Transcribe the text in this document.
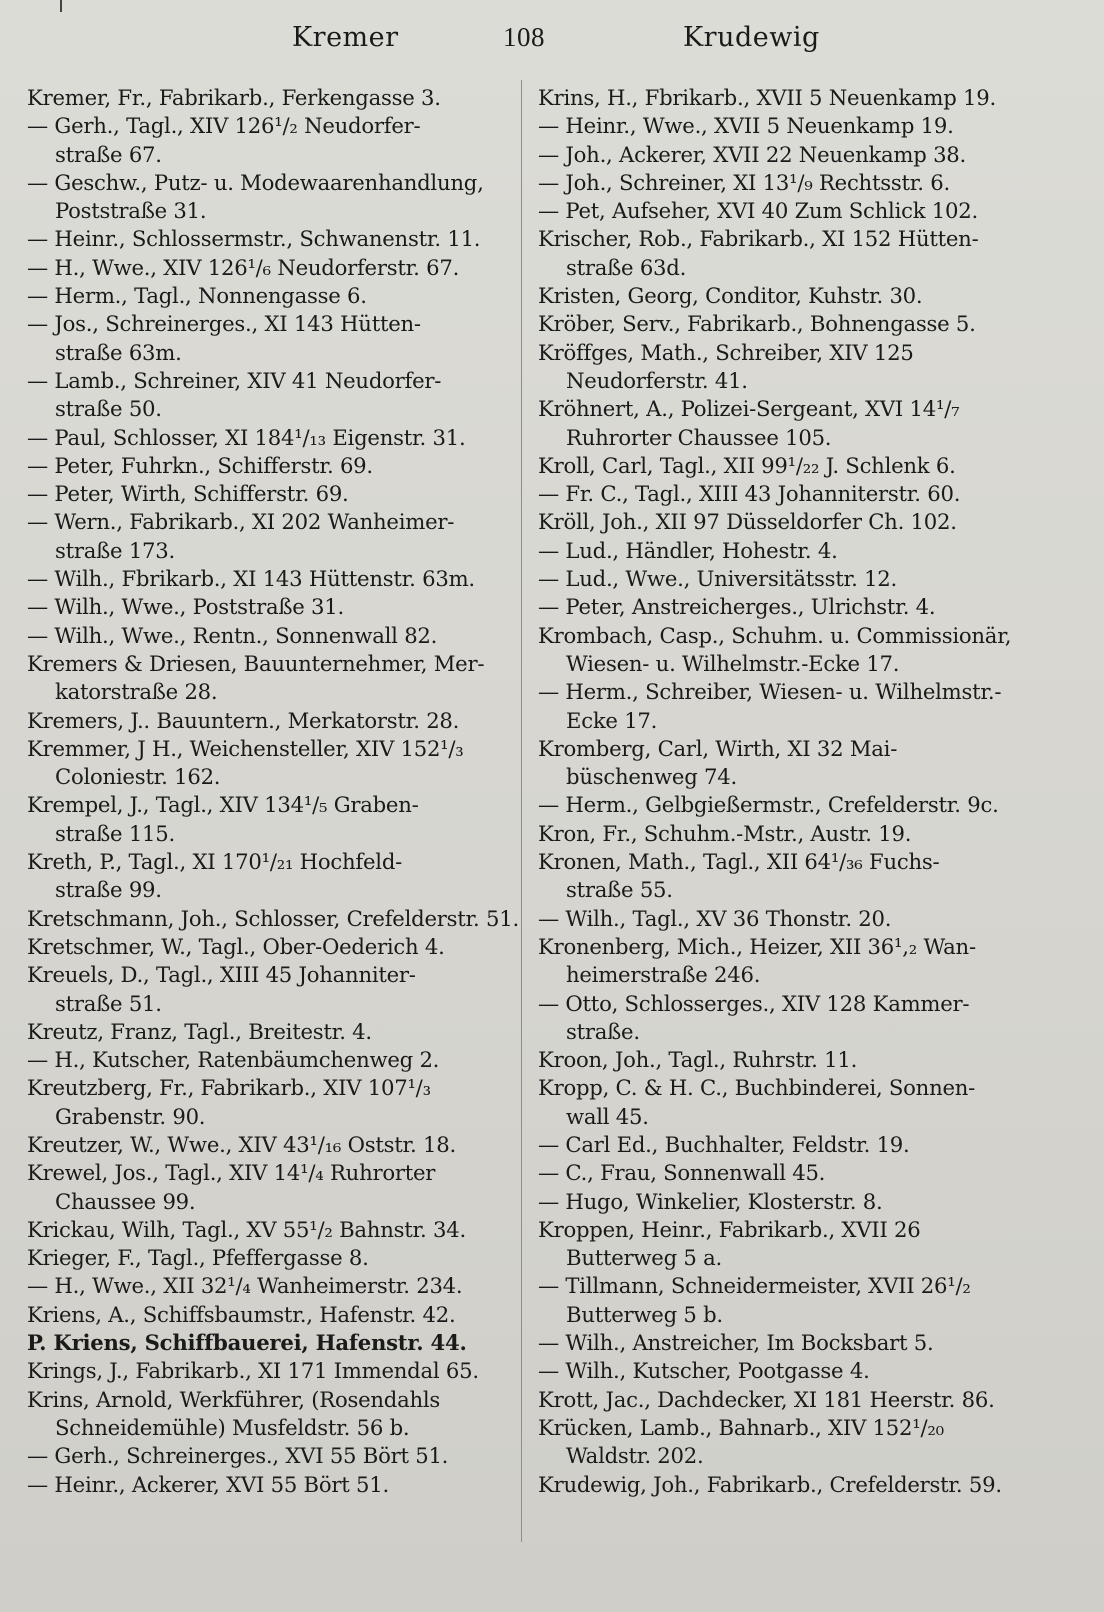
Kremer	108	Krudewig
Kremer, Fr., Fabrikarb., Ferkengasse 3.
— Gerh., Tagl., XIV 126¹/₂ Neudorfer-
straße 67.
— Geschw., Putz- u. Modewaarenhandlung,
Poststraße 31.
— Heinr., Schlossermstr., Schwanenstr. 11.
— H., Wwe., XIV 126¹/₆ Neudorferstr. 67.
— Herm., Tagl., Nonnengasse 6.
— Jos., Schreinerges., XI 143 Hütten-
straße 63m.
— Lamb., Schreiner, XIV 41 Neudorfer-
straße 50.
— Paul, Schlosser, XI 184¹/₁₃ Eigenstr. 31.
— Peter, Fuhrkn., Schifferstr. 69.
— Peter, Wirth, Schifferstr. 69.
— Wern., Fabrikarb., XI 202 Wanheimer-
straße 173.
— Wilh., Fbrikarb., XI 143 Hüttenstr. 63m.
— Wilh., Wwe., Poststraße 31.
— Wilh., Wwe., Rentn., Sonnenwall 82.
Kremers & Driesen, Bauunternehmer, Mer-
katorstraße 28.
Kremers, J.. Bauuntern., Merkatorstr. 28.
Kremmer, J H., Weichensteller, XIV 152¹/₃
Coloniestr. 162.
Krempel, J., Tagl., XIV 134¹/₅ Graben-
straße 115.
Kreth, P., Tagl., XI 170¹/₂₁ Hochfeld-
straße 99.
Kretschmann, Joh., Schlosser, Crefelderstr. 51.
Kretschmer, W., Tagl., Ober-Oederich 4.
Kreuels, D., Tagl., XIII 45 Johanniter-
straße 51.
Kreutz, Franz, Tagl., Breitestr. 4.
— H., Kutscher, Ratenbäumchenweg 2.
Kreutzberg, Fr., Fabrikarb., XIV 107¹/₃
Grabenstr. 90.
Kreutzer, W., Wwe., XIV 43¹/₁₆ Oststr. 18.
Krewel, Jos., Tagl., XIV 14¹/₄ Ruhrorter
Chaussee 99.
Krickau, Wilh, Tagl., XV 55¹/₂ Bahnstr. 34.
Krieger, F., Tagl., Pfeffergasse 8.
— H., Wwe., XII 32¹/₄ Wanheimerstr. 234.
Kriens, A., Schiffsbaumstr., Hafenstr. 42.
P. Kriens, Schiffbauerei, Hafenstr. 44.
Krings, J., Fabrikarb., XI 171 Immendal 65.
Krins, Arnold, Werkführer, (Rosendahls
Schneidemühle) Musfeldstr. 56 b.
— Gerh., Schreinerges., XVI 55 Bört 51.
— Heinr., Ackerer, XVI 55 Bört 51.
Krins, H., Fbrikarb., XVII 5 Neuenkamp 19.
— Heinr., Wwe., XVII 5 Neuenkamp 19.
— Joh., Ackerer, XVII 22 Neuenkamp 38.
— Joh., Schreiner, XI 13¹/₉ Rechtsstr. 6.
— Pet, Aufseher, XVI 40 Zum Schlick 102.
Krischer, Rob., Fabrikarb., XI 152 Hütten-
straße 63d.
Kristen, Georg, Conditor, Kuhstr. 30.
Kröber, Serv., Fabrikarb., Bohnengasse 5.
Kröffges, Math., Schreiber, XIV 125
Neudorferstr. 41.
Kröhnert, A., Polizei-Sergeant, XVI 14¹/₇
Ruhrorter Chaussee 105.
Kroll, Carl, Tagl., XII 99¹/₂₂ J. Schlenk 6.
— Fr. C., Tagl., XIII 43 Johanniterstr. 60.
Kröll, Joh., XII 97 Düsseldorfer Ch. 102.
— Lud., Händler, Hohestr. 4.
— Lud., Wwe., Universitätsstr. 12.
— Peter, Anstreicherges., Ulrichstr. 4.
Krombach, Casp., Schuhm. u. Commissionär,
Wiesen- u. Wilhelmstr.-Ecke 17.
— Herm., Schreiber, Wiesen- u. Wilhelmstr.-
Ecke 17.
Kromberg, Carl, Wirth, XI 32 Mai-
büschenweg 74.
— Herm., Gelbgießermstr., Crefelderstr. 9c.
Kron, Fr., Schuhm.-Mstr., Austr. 19.
Kronen, Math., Tagl., XII 64¹/₃₆ Fuchs-
straße 55.
— Wilh., Tagl., XV 36 Thonstr. 20.
Kronenberg, Mich., Heizer, XII 36¹,₂ Wan-
heimerstraße 246.
— Otto, Schlosserges., XIV 128 Kammer-
straße.
Kroon, Joh., Tagl., Ruhrstr. 11.
Kropp, C. & H. C., Buchbinderei, Sonnen-
wall 45.
— Carl Ed., Buchhalter, Feldstr. 19.
— C., Frau, Sonnenwall 45.
— Hugo, Winkelier, Klosterstr. 8.
Kroppen, Heinr., Fabrikarb., XVII 26
Butterweg 5 a.
— Tillmann, Schneidermeister, XVII 26¹/₂
Butterweg 5 b.
— Wilh., Anstreicher, Im Bocksbart 5.
— Wilh., Kutscher, Pootgasse 4.
Krott, Jac., Dachdecker, XI 181 Heerstr. 86.
Krücken, Lamb., Bahnarb., XIV 152¹/₂₀
Waldstr. 202.
Krudewig, Joh., Fabrikarb., Crefelderstr. 59.
